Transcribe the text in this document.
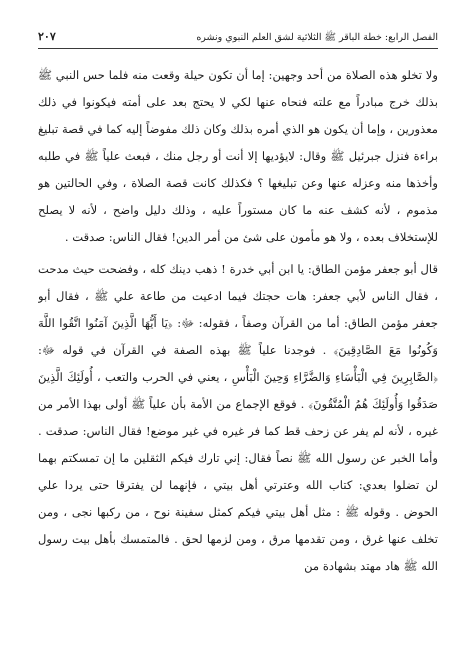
الفصل الرابع: خطة الباقر ﷺ الثلاثية لشق العلم النبوي ونشره
٢٠٧

ولا تخلو هذه الصلاة من أحد وجهين: إما أن تكون حيلة وقعت منه فلما حس النبي ﷺ بذلك خرج مبادراً مع علته فنحاه عنها لكي لا يحتج بعد على أمته فيكونوا في ذلك معذورين ، وإما أن يكون هو الذي أمره بذلك وكان ذلك مفوضاً إليه كما في قصة تبليغ براءة فنزل جبرئيل ﷺ وقال: لايؤديها إلا أنت أو رجل منك ، فبعث علياً ﷺ في طلبه وأخذها منه وعزله عنها وعن تبليغها ؟ فكذلك كانت قصة الصلاة ، وفي الحالتين هو مذموم ، لأنه كشف عنه ما كان مستوراً عليه ، وذلك دليل واضح ، لأنه لا يصلح للإستخلاف بعده ، ولا هو مأمون على شئ من أمر الدين! فقال الناس: صدقت .

قال أبو جعفر مؤمن الطاق: يا ابن أبي خدرة ! ذهب دينك كله ، وفضحت حيث مدحت ، فقال الناس لأبي جعفر: هات حجتك فيما ادعيت من طاعة علي ﷺ ، فقال أبو جعفر مؤمن الطاق: أما من القرآن وصفاً ، فقوله: ﷻ: ﴿يَا أَيُّهَا الَّذِينَ آمَنُوا اتَّقُوا اللَّهَ وَكُونُوا مَعَ الصَّادِقِينَ﴾ . فوجدنا علياً ﷺ بهذه الصفة في القرآن في قوله ﷻ: ﴿الصَّابِرِينَ فِي الْبَأْسَاءِ وَالضَّرَّاءِ وَحِينَ الْبَأْسِ ، يعني في الحرب والتعب ، أُولَئِكَ الَّذِينَ صَدَقُوا وَأُولَئِكَ هُمُ الْمُتَّقُونَ﴾ . فوقع الإجماع من الأمة بأن علياً ﷺ أولى بهذا الأمر من غيره ، لأنه لم يفر عن زحف قط كما فر غيره في غير موضع! فقال الناس: صدقت . وأما الخبر عن رسول الله ﷺ نصاً فقال: إني تارك فيكم الثقلين ما إن تمسكتم بهما لن تضلوا بعدي: كتاب الله وعترتي أهل بيتي ، فإنهما لن يفترقا حتى يردا علي الحوض . وقوله ﷺ : مثل أهل بيتي فيكم كمثل سفينة نوح ، من ركبها نجى ، ومن تخلف عنها غرق ، ومن تقدمها مرق ، ومن لزمها لحق . فالمتمسك بأهل بيت رسول الله ﷺ هاد مهتد بشهادة من
